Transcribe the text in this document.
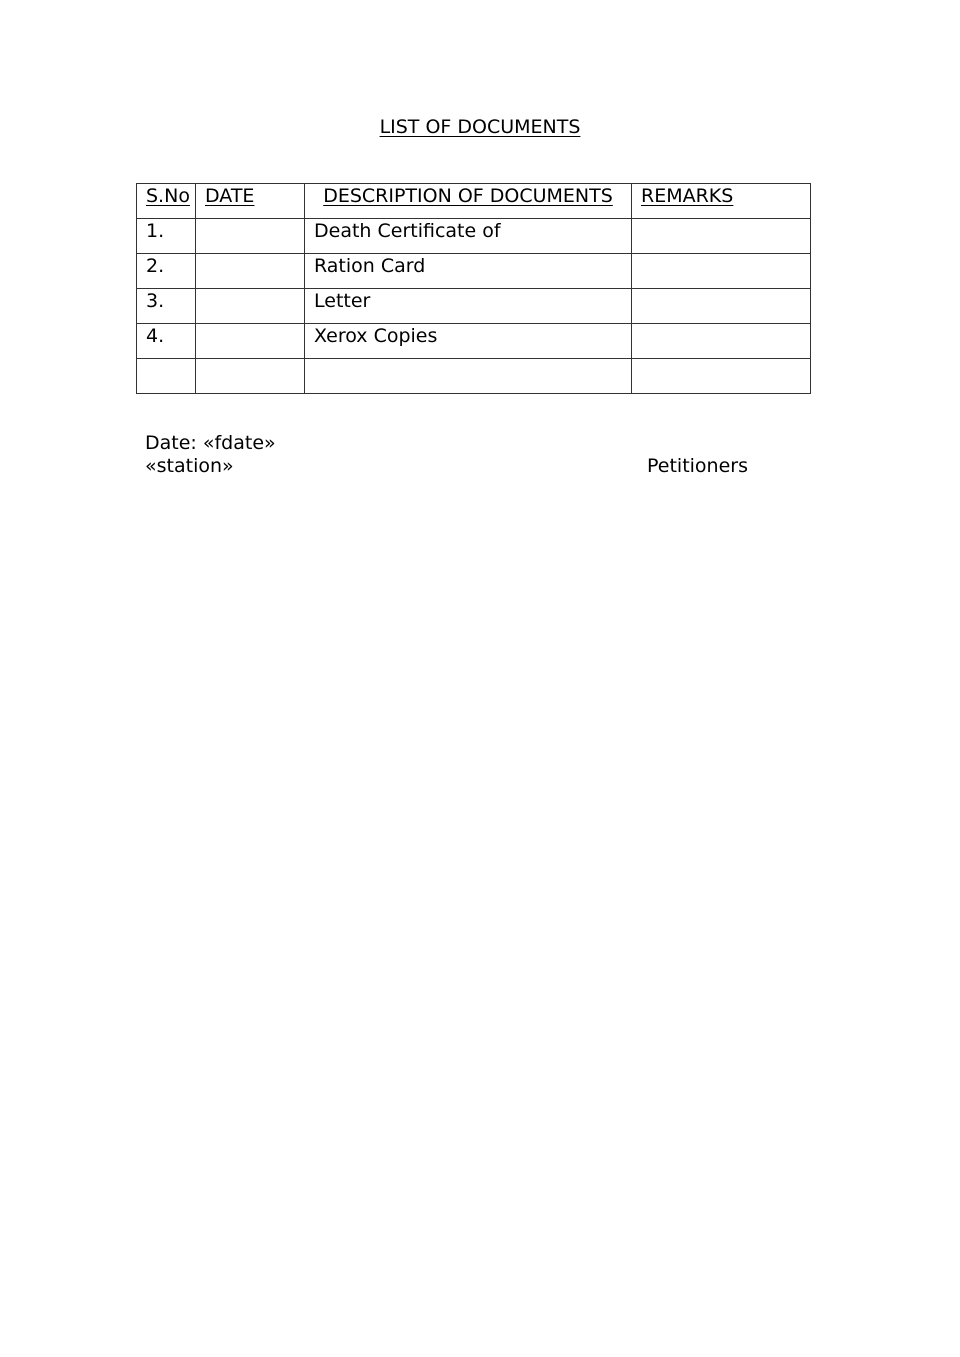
LIST OF DOCUMENTS
S.No	DATE	DESCRIPTION OF DOCUMENTS	REMARKS
1.		Death Certificate of	
2.		Ration Card	
3.		Letter	
4.		Xerox Copies	

Date: «fdate»
«station»	Petitioners
